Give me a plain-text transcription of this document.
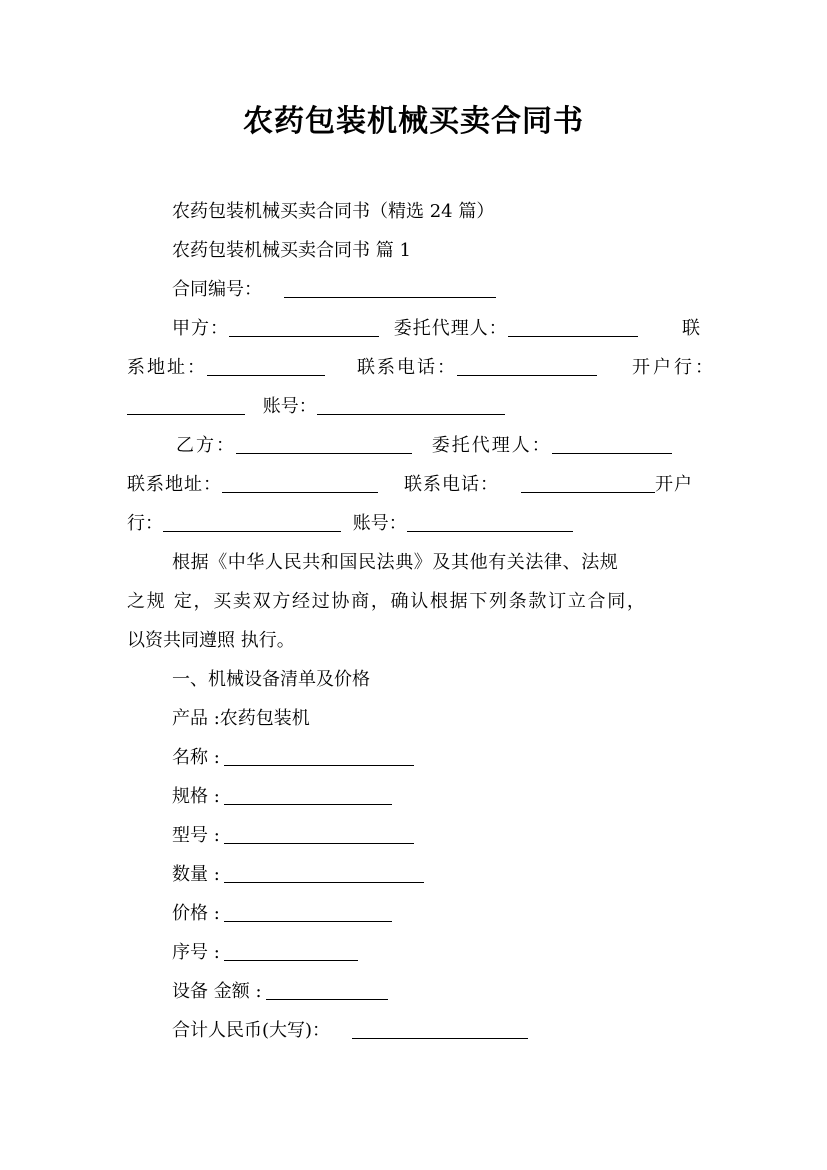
农药包装机械买卖合同书
农药包装机械买卖合同书（精选 24 篇）
农药包装机械买卖合同书 篇 1
合同编号：
甲方：	委托代理人：	联
系地址：	联系电话：	开户行：
账号：
乙方：	委托代理人：
联系地址：	联系电话：	开户
行：	账号：
根据《中华人民共和国民法典》及其他有关法律、法规
之规 定，买卖双方经过协商，确认根据下列条款订立合同，
以资共同遵照 执行。
一、机械设备清单及价格
产品 :农药包装机
名称 :
规格 :
型号 :
数量 :
价格 :
序号 :
设备 金额 :
合计人民币(大写)：
